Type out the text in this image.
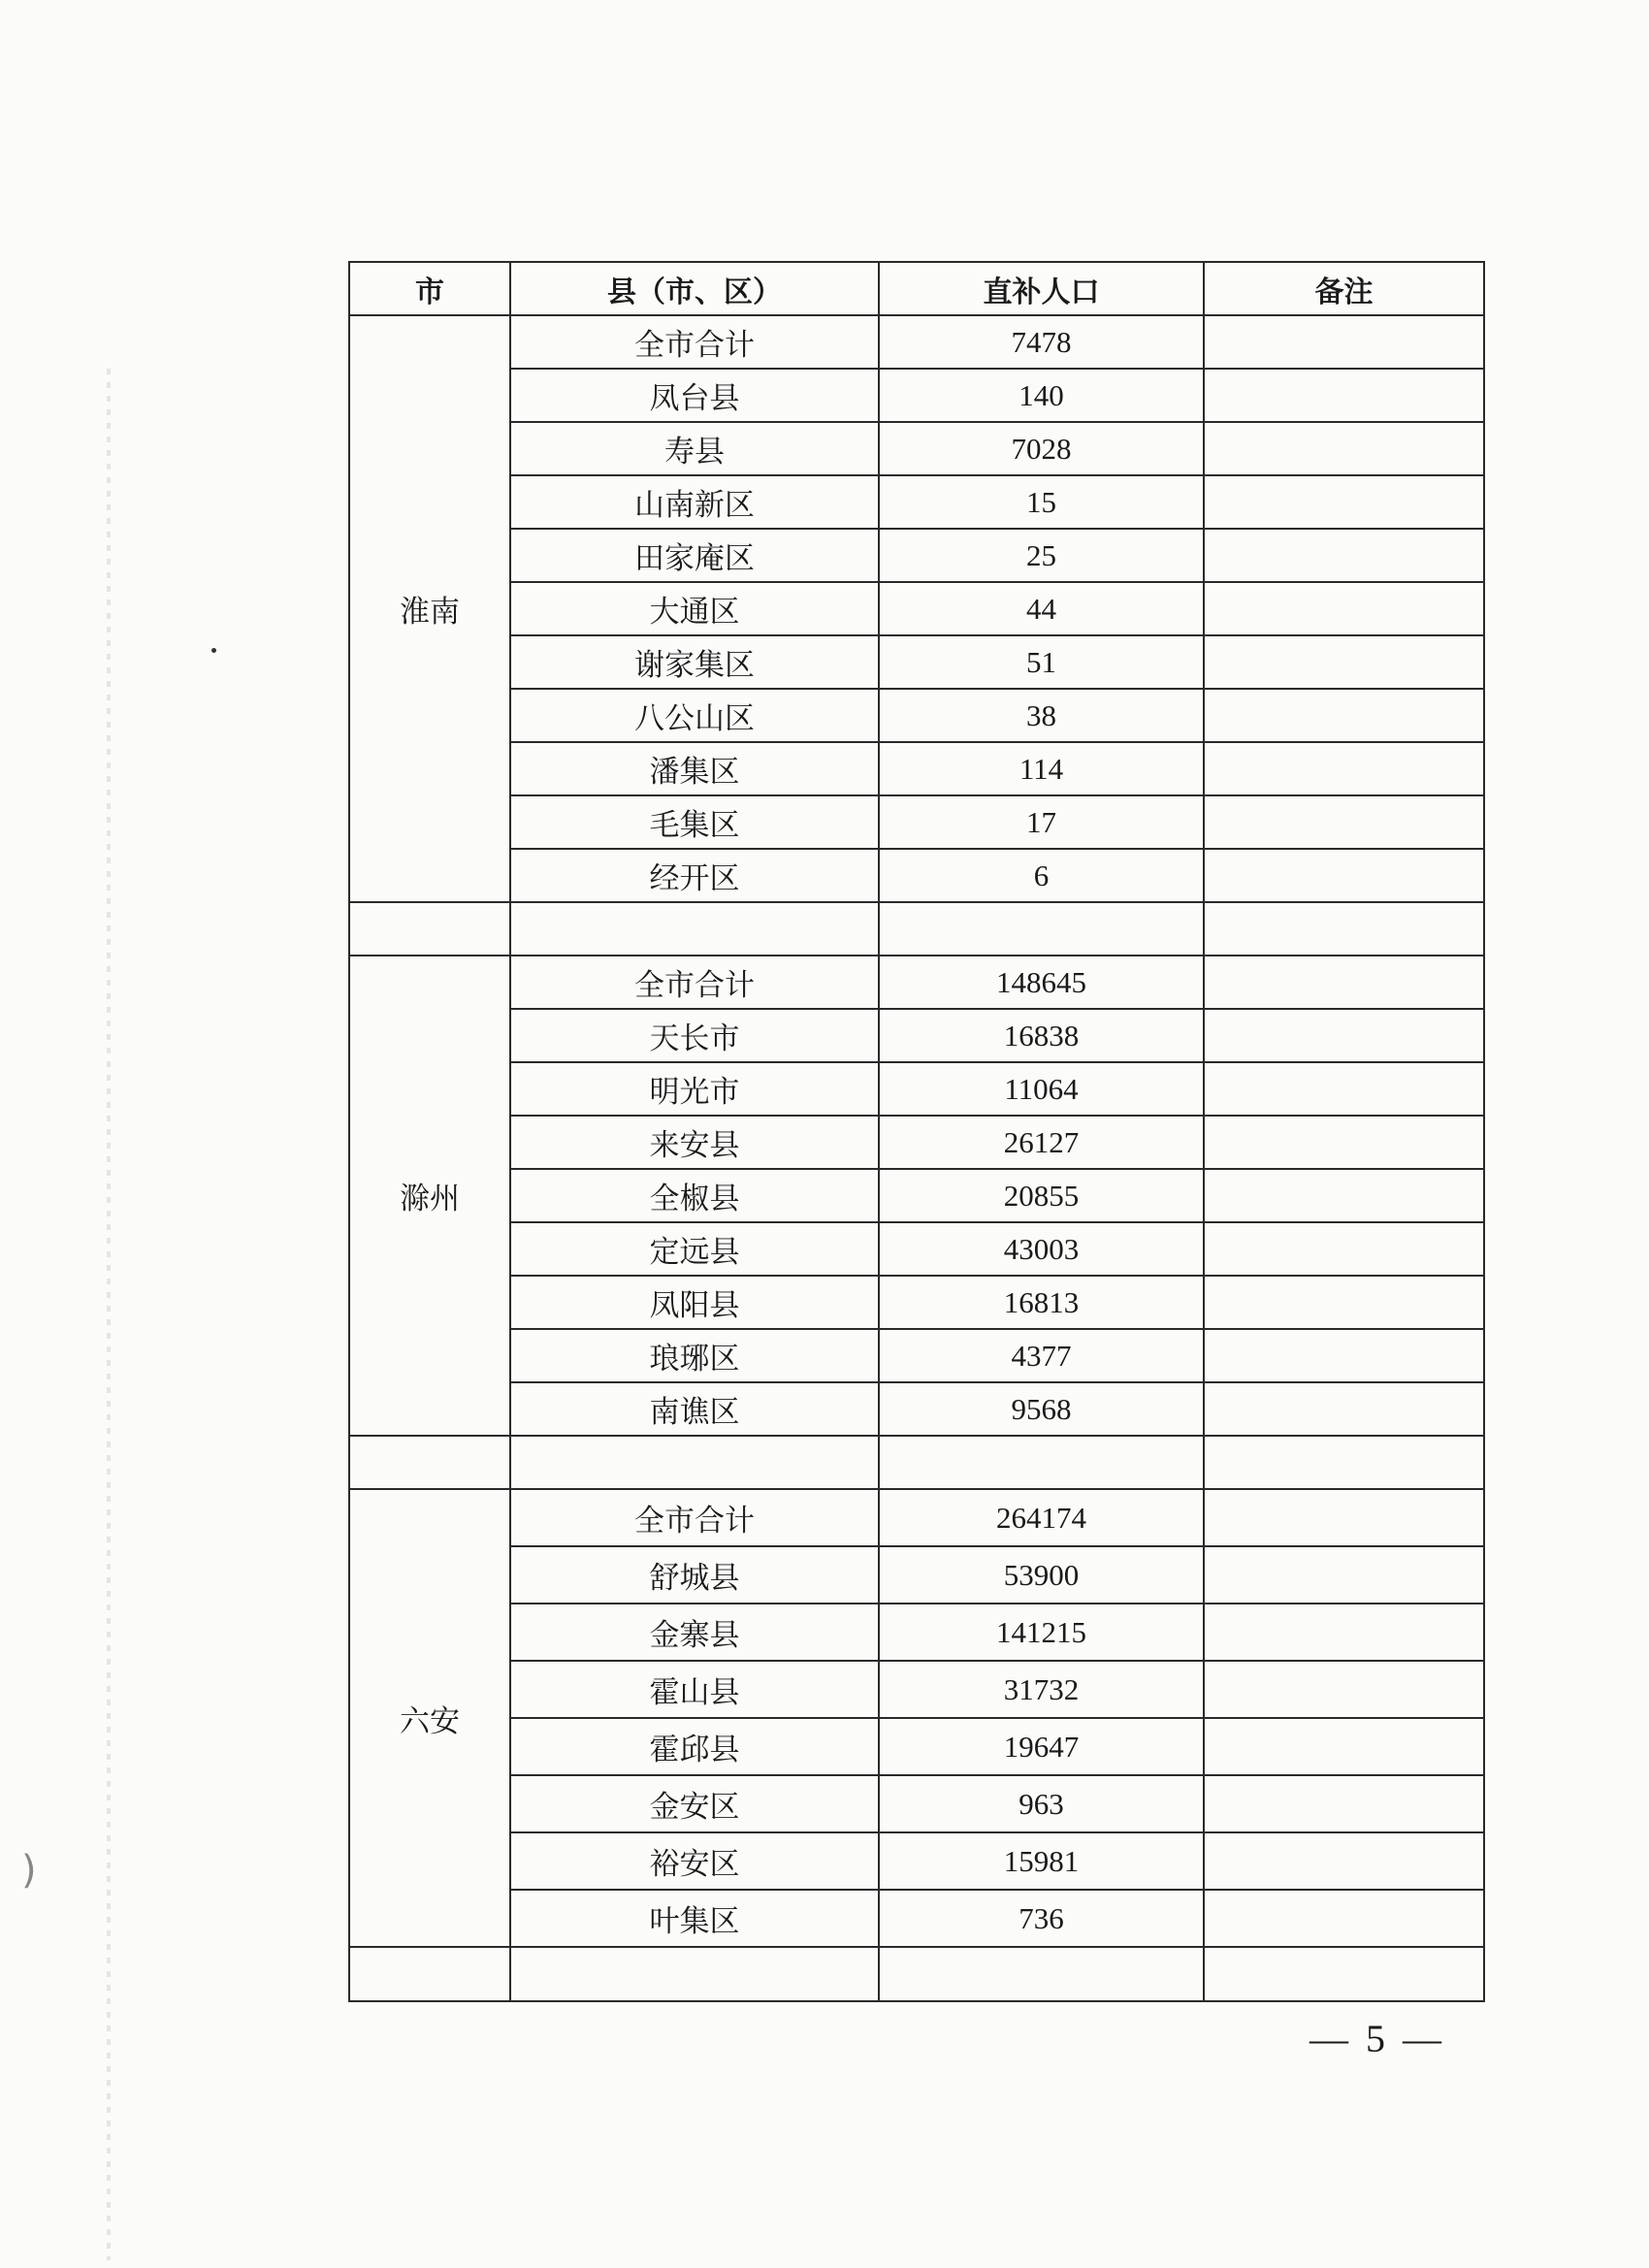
)
市	县（市、区）	直补人口	备注
淮南	全市合计	7478	
	凤台县	140	
	寿县	7028	
	山南新区	15	
	田家庵区	25	
	大通区	44	
	谢家集区	51	
	八公山区	38	
	潘集区	114	
	毛集区	17	
	经开区	6	

滁州	全市合计	148645	
	天长市	16838	
	明光市	11064	
	来安县	26127	
	全椒县	20855	
	定远县	43003	
	凤阳县	16813	
	琅琊区	4377	
	南谯区	9568	

六安	全市合计	264174	
	舒城县	53900	
	金寨县	141215	
	霍山县	31732	
	霍邱县	19647	
	金安区	963	
	裕安区	15981	
	叶集区	736	

— 5 —
